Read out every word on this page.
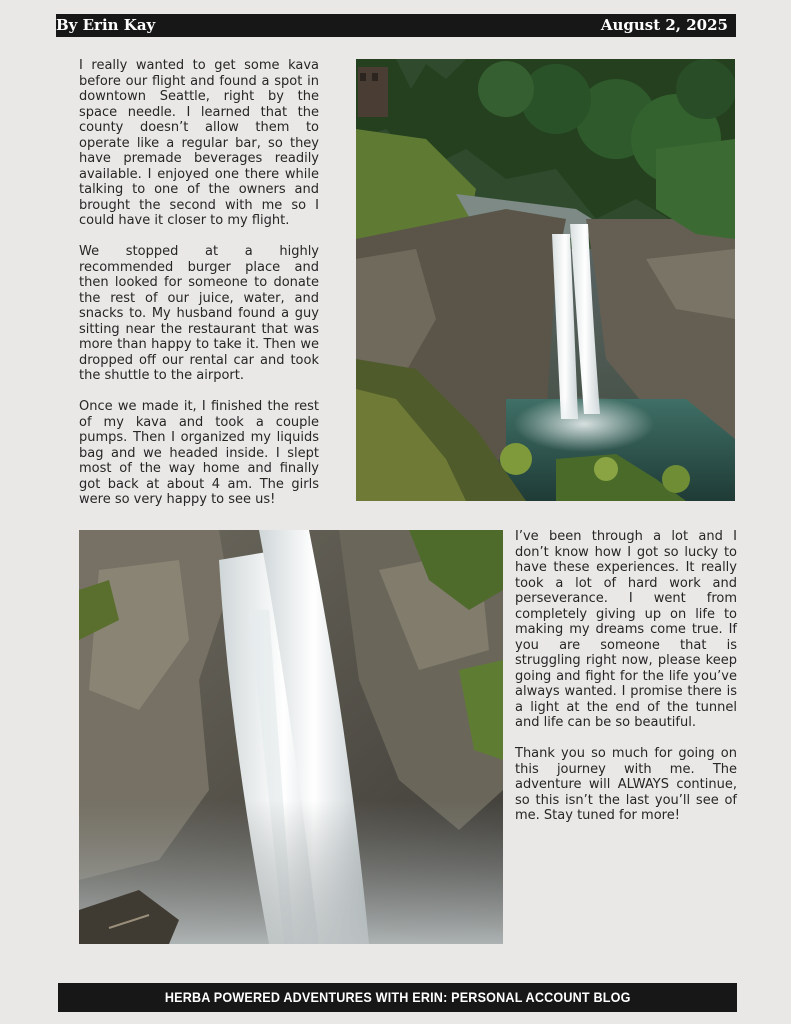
By Erin Kay	August 2, 2025

I really wanted to get some kava before our flight and found a spot in downtown Seattle, right by the space needle. I learned that the county doesn’t allow them to operate like a regular bar, so they have premade beverages readily available. I enjoyed one there while talking to one of the owners and brought the second with me so I could have it closer to my flight.

We stopped at a highly recommended burger place and then looked for someone to donate the rest of our juice, water, and snacks to. My husband found a guy sitting near the restaurant that was more than happy to take it. Then we dropped off our rental car and took the shuttle to the airport.

Once we made it, I finished the rest of my kava and took a couple pumps. Then I organized my liquids bag and we headed inside. I slept most of the way home and finally got back at about 4 am. The girls were so very happy to see us!

I’ve been through a lot and I don’t know how I got so lucky to have these experiences. It really took a lot of hard work and perseverance. I went from completely giving up on life to making my dreams come true. If you are someone that is struggling right now, please keep going and fight for the life you’ve always wanted. I promise there is a light at the end of the tunnel and life can be so beautiful.

Thank you so much for going on this journey with me. The adventure will ALWAYS continue, so this isn’t the last you’ll see of me. Stay tuned for more!

HERBA POWERED ADVENTURES WITH ERIN: PERSONAL ACCOUNT BLOG
